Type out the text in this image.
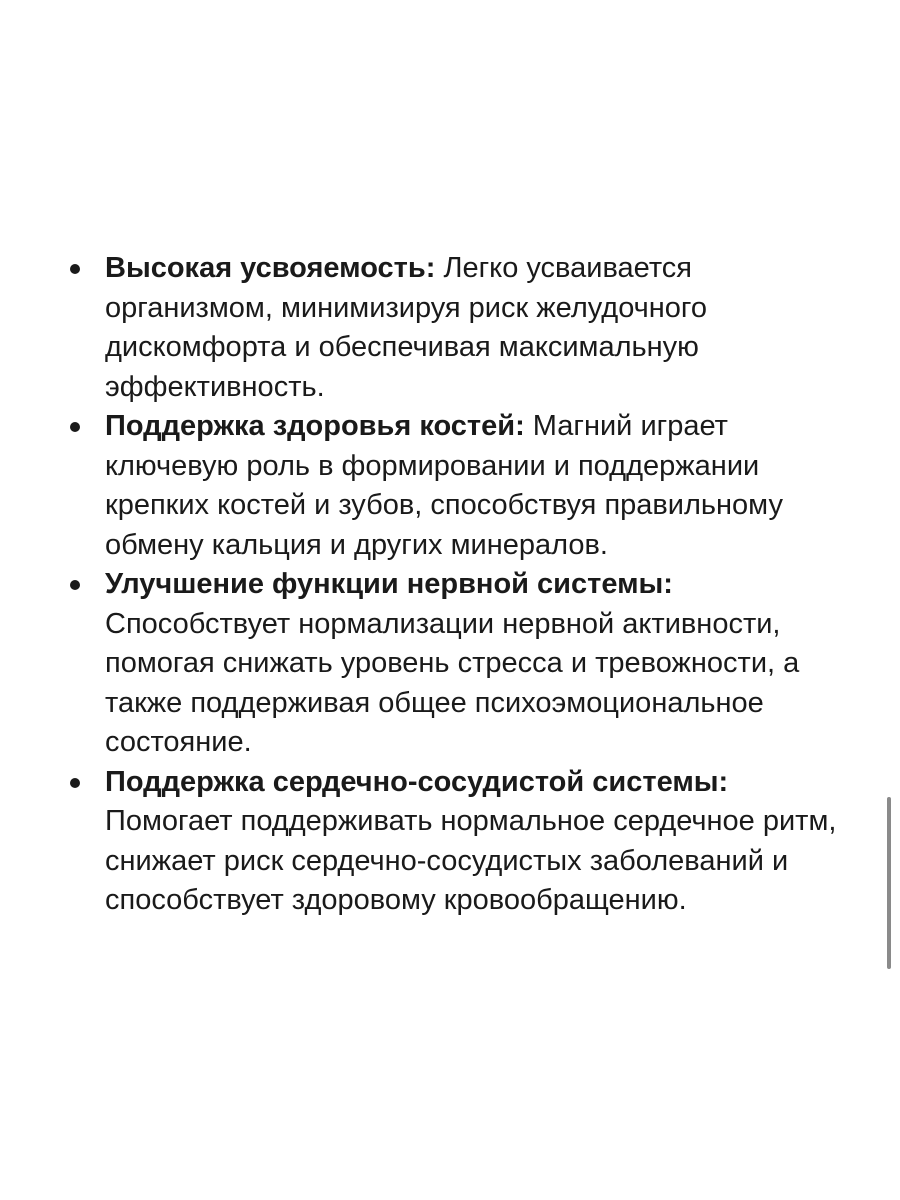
Высокая усвояемость: Легко усваивается организмом, минимизируя риск желудочного дискомфорта и обеспечивая максимальную эффективность.
Поддержка здоровья костей: Магний играет ключевую роль в формировании и поддержании крепких костей и зубов, способствуя правильному обмену кальция и других минералов.
Улучшение функции нервной системы: Способствует нормализации нервной активности, помогая снижать уровень стресса и тревожности, а также поддерживая общее психоэмоциональное состояние.
Поддержка сердечно-сосудистой системы: Помогает поддерживать нормальное сердечное ритм, снижает риск сердечно-сосудистых заболеваний и способствует здоровому кровообращению.
